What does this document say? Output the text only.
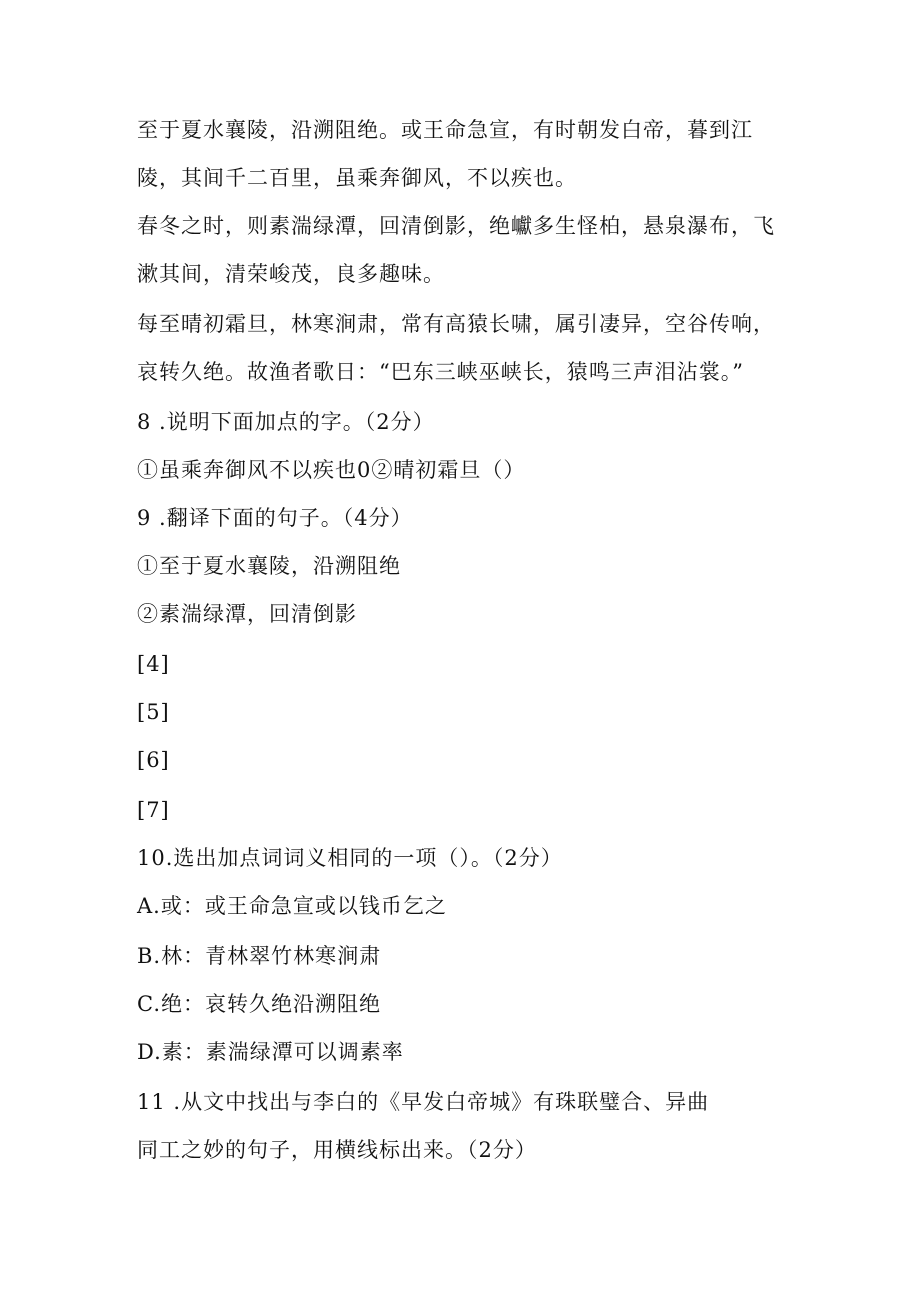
至于夏水襄陵，沿溯阻绝。或王命急宣，有时朝发白帝，暮到江
陵，其间千二百里，虽乘奔御风，不以疾也。
春冬之时，则素湍绿潭，回清倒影，绝巘多生怪柏，悬泉瀑布，飞
漱其间，清荣峻茂，良多趣味。
每至晴初霜旦，林寒涧肃，常有高猿长啸，属引凄异，空谷传响，
哀转久绝。故渔者歌日：“巴东三峡巫峡长，猿鸣三声泪沾裳。”
8 .说明下面加点的字。（2分）
①虽乘奔御风不以疾也0②晴初霜旦（）
9 .翻译下面的句子。（4分）
①至于夏水襄陵，沿溯阻绝
②素湍绿潭，回清倒影
[4]
[5]
[6]
[7]
10.选出加点词词义相同的一项（）。（2分）
A.或：或王命急宣或以钱币乞之
B.林：青林翠竹林寒涧肃
C.绝：哀转久绝沿溯阻绝
D.素：素湍绿潭可以调素率
11 .从文中找出与李白的《早发白帝城》有珠联璧合、异曲
同工之妙的句子，用横线标出来。（2分）
